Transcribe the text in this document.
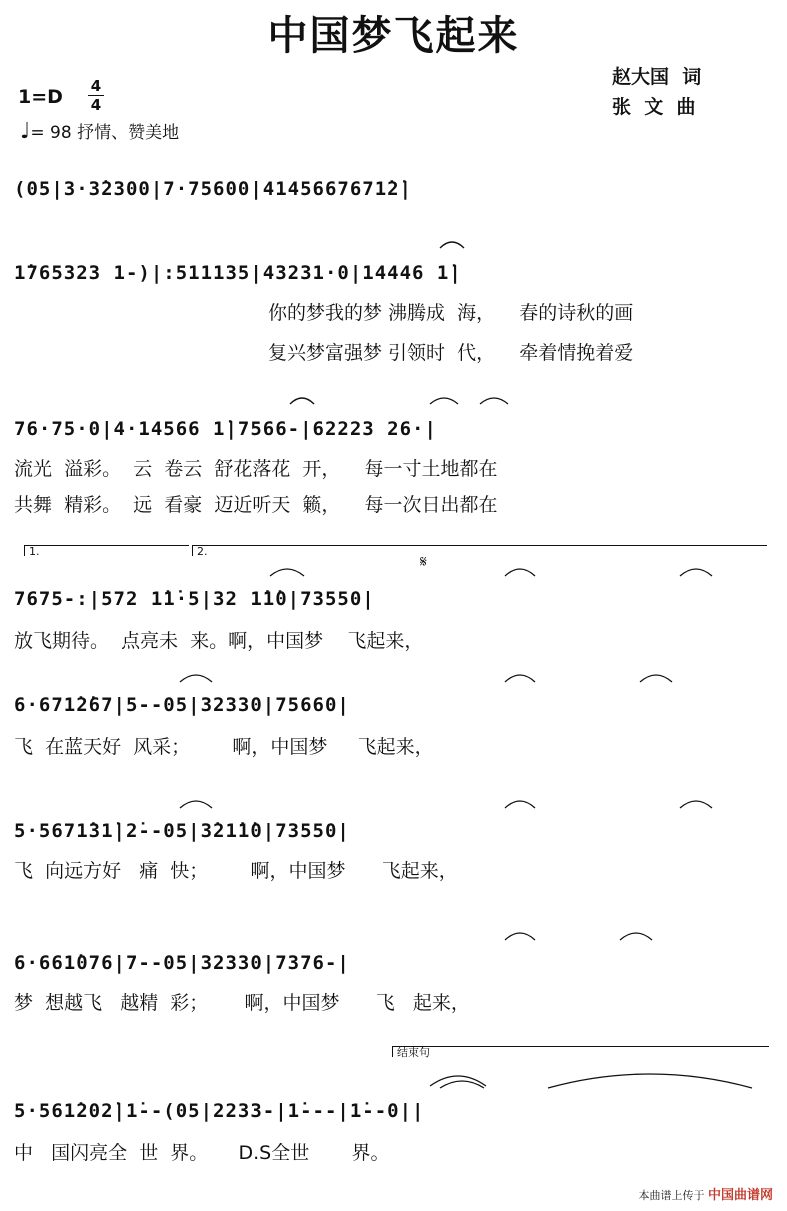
中国梦飞起来
赵大国  词
张  文  曲
1=D 4
4
♩= 98 抒情、赞美地
(05|3·3̇2300|7·75600|4145667671̇2̇|
1̇765323 1-)|:511135|43231·0|14446 1̇|
你的梦我的梦 沸腾成  海，    春的诗秋的画
复兴梦富强梦 引领时  代，    牵着情挽着爱
76·75·0|4·14566 1̇|7566-|62223 26·|
流光  溢彩。  云  卷云  舒花落花  开，    每一寸土地都在
共舞  精彩。  远  看豪  迈近听天  籁，    每一次日出都在
1.	2.
𝄋
7675-:|572 1̇1̇·5|32 1̇1̇0|73550|
放飞期待。  点亮未  来。啊，中国梦    飞起来，
6·671̇2̇67|5--05|32330|75660|
飞  在蓝天好  风采；       啊，中国梦     飞起来，
5·5671̇31̇|2̇--05|3̇21̇1̇0|73550|
飞  向远方好   痛  快；       啊，中国梦      飞起来，
6·661̇076|7--05|32330|7376-|
梦  想越飞   越精  彩；      啊，中国梦      飞   起来，
结束句
5·561̇202̇|1̇--(05|2233-|1̇---|1̇--0||
中   国闪亮全  世  界。     D.S全世       界。
本曲谱上传于 中国曲谱网
